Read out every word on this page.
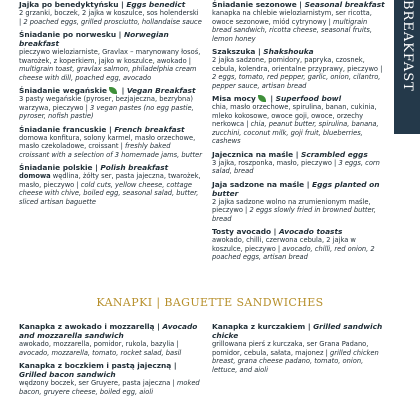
Jajka po benedyktyńsku | Eggs benedict
2 grzanki, boczek, 2 jajka w koszulce, sos holenderski | 2 poached eggs, grilled prosciutto, hollandaise sauce
Śniadanie po norwesku | Norwegian breakfast
pieczywo wieloziarniste, Gravlax – marynowany łosoś, twarożek, z koperkiem, jajko w koszulce, awokado | multigrain toast, gravlax salmon, philadelphia cream cheese with dill, poached egg, avocado
Śniadanie wegańskie | Vegan Breakfast
3 pasty wegańskie (pyroser, bezjajeczna, bezrybna) warzywa, pieczywo | 3 vegan pastes (no egg pastie, pyroser, nofish pastie)
Śniadanie francuskie | French breakfast
domowa konfitura, solony karmel, masło orzechowe, masło czekoladowe, croissant | freshly baked croissant with a selection of 3 homemade jams, butter
Śniadanie polskie | Polish breakfast
domowa wędlina, żółty ser, pasta jajeczna, twarożek, masło, pieczywo | cold cuts, yellow cheese, cottage cheese with chive, boiled egg, seasonal salad, butter, sliced artisan baguette
Śniadanie sezonowe | Seasonal breakfast
kanapka na chlebie wieloziarnistym, ser ricotta, owoce sezonowe, miód cytrynowy | multigrain bread sandwich, ricotta cheese, seasonal fruits, lemon honey
Szakszuka | Shakshouka
2 jajka sadzone, pomidory, papryka, czosnek, cebula, kolendra, orientalne przyprawy, pieczywo | 2 eggs, tomato, red pepper, garlic, onion, cilantro, pepper sauce, artisan bread
Misa mocy | Superfood bowl
chia, masło orzechowe, spirulina, banan, cukinia, mleko kokosowe, owoce goji, owoce, orzechy nerkowca | chia, peanut butter, spirulina, banana, zucchini, coconut milk, goji fruit, blueberries, cashews
Jajecznica na maśle | Scrambled eggs
3 jajka, roszponka, masło, pieczywo | 3 eggs, corn salad, bread
Jaja sadzone na maśle | Eggs planted on butter
2 jajka sadzone wolno na zrumienionym maśle, pieczywo | 2 eggs slowly fried in browned butter, bread
Tosty avocado | Avocado toasts
awokado, chilli, czerwona cebula, 2 jajka w koszulce, pieczywo | avocado, chilli, red onion, 2 poached eggs, artisan bread
BREAKFAST
KANAPKI | BAGUETTE SANDWICHES
Kanapka z awokado i mozzarellą | Avocado and mozzarella sandwich
awokado, mozzarella, pomidor, rukola, bazylia | avocado, mozzarella, tomato, rocket salad, basil
Kanapka z boczkiem i pastą jajeczną | Grilled bacon sandwich
wędzony boczek, ser Gruyere, pasta jajeczna | moked bacon, gruyere cheese, boiled egg, aioli
Kanapka z kurczakiem | Grilled sandwich chicke
grillowana pierś z kurczaka, ser Grana Padano, pomidor, cebula, sałata, majonez | grilled chicken breast, grana cheese padano, tomato, onion, lettuce, and aioli
